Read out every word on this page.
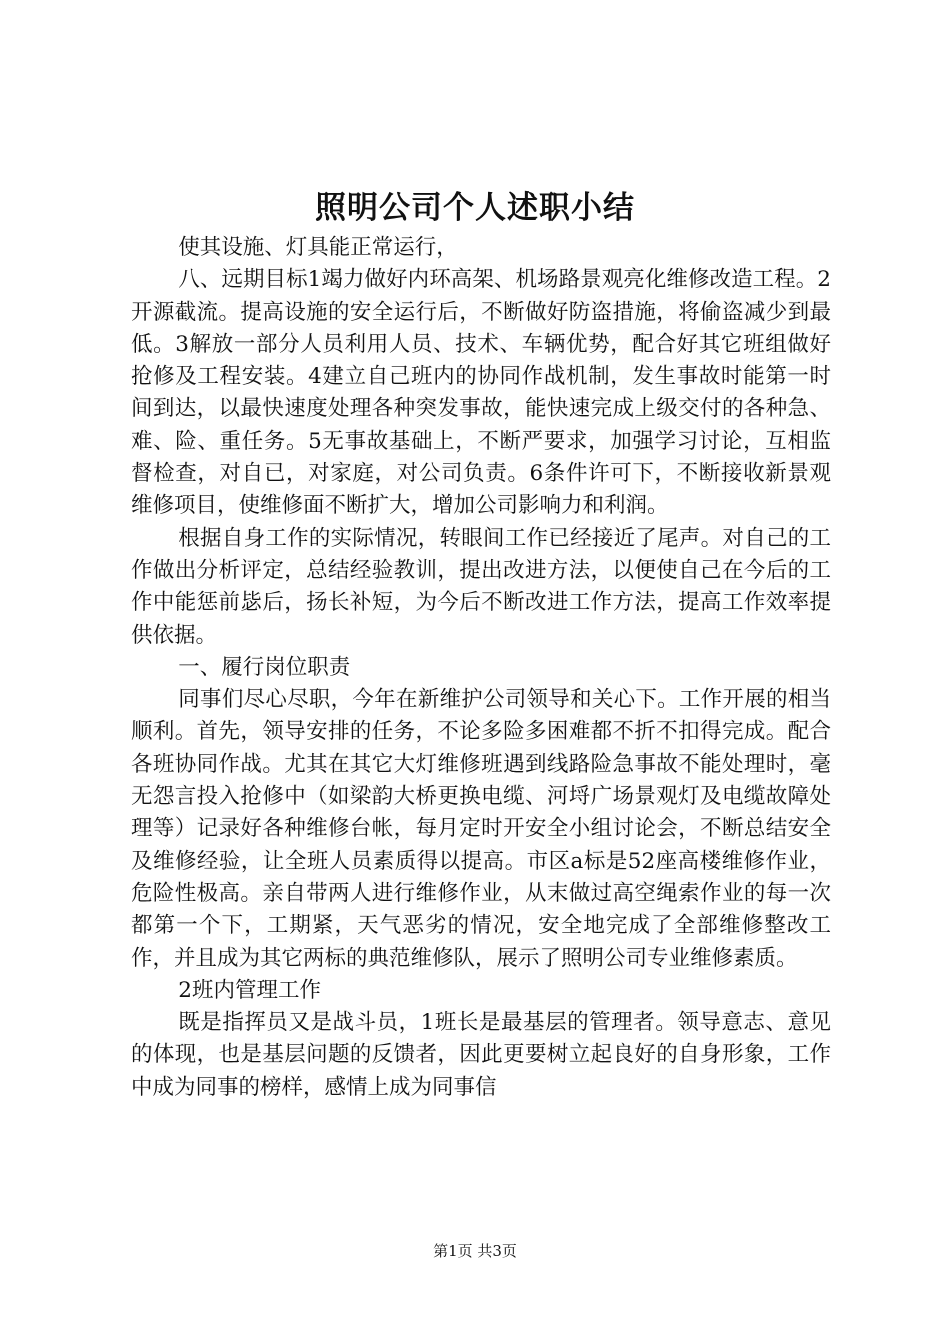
照明公司个人述职小结

使其设施、灯具能正常运行，

八、远期目标1竭力做好内环高架、机场路景观亮化维修改造工程。2开源截流。提高设施的安全运行后，不断做好防盗措施，将偷盗减少到最低。3解放一部分人员利用人员、技术、车辆优势，配合好其它班组做好抢修及工程安装。4建立自己班内的协同作战机制，发生事故时能第一时间到达，以最快速度处理各种突发事故，能快速完成上级交付的各种急、难、险、重任务。5无事故基础上，不断严要求，加强学习讨论，互相监督检查，对自已，对家庭，对公司负责。6条件许可下，不断接收新景观维修项目，使维修面不断扩大，增加公司影响力和利润。

根据自身工作的实际情况，转眼间工作已经接近了尾声。对自己的工作做出分析评定，总结经验教训，提出改进方法，以便使自己在今后的工作中能惩前毖后，扬长补短，为今后不断改进工作方法，提高工作效率提供依据。

一、履行岗位职责

同事们尽心尽职，今年在新维护公司领导和关心下。工作开展的相当顺利。首先，领导安排的任务，不论多险多困难都不折不扣得完成。配合各班协同作战。尤其在其它大灯维修班遇到线路险急事故不能处理时，毫无怨言投入抢修中（如梁韵大桥更换电缆、河埒广场景观灯及电缆故障处理等）记录好各种维修台帐，每月定时开安全小组讨论会，不断总结安全及维修经验，让全班人员素质得以提高。市区a标是52座高楼维修作业，危险性极高。亲自带两人进行维修作业，从末做过高空绳索作业的每一次都第一个下，工期紧，天气恶劣的情况，安全地完成了全部维修整改工作，并且成为其它两标的典范维修队，展示了照明公司专业维修素质。

2班内管理工作

既是指挥员又是战斗员，1班长是最基层的管理者。领导意志、意见的体现，也是基层问题的反馈者，因此更要树立起良好的自身形象，工作中成为同事的榜样，感情上成为同事信

第1页 共3页
